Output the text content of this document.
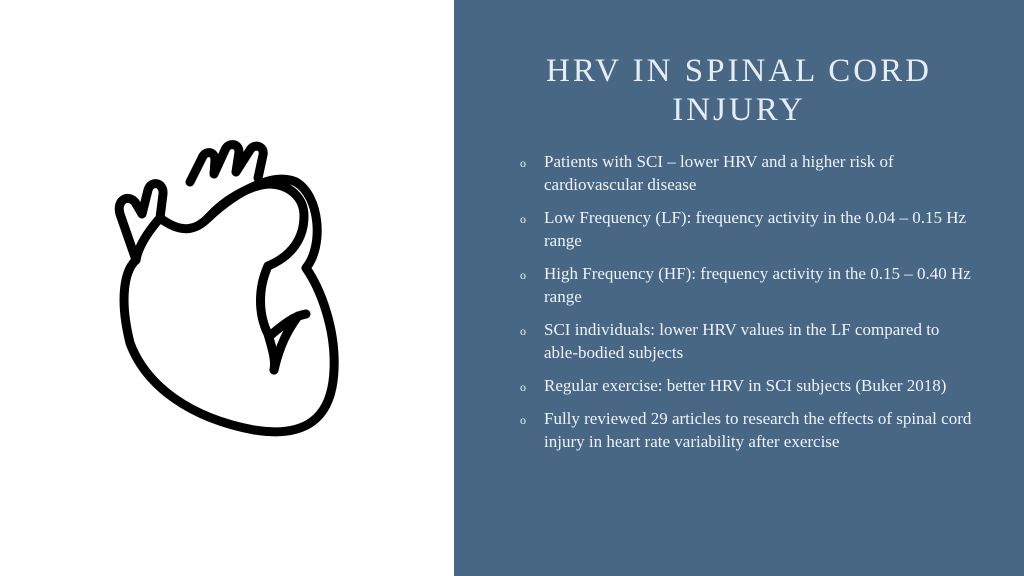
HRV IN SPINAL CORD INJURY
o Patients with SCI – lower HRV and a higher risk of cardiovascular disease
o Low Frequency (LF): frequency activity in the 0.04 – 0.15 Hz range
o High Frequency (HF): frequency activity in the 0.15 – 0.40 Hz range
o SCI individuals: lower HRV values in the LF compared to able-bodied subjects
o Regular exercise: better HRV in SCI subjects (Buker 2018)
o Fully reviewed 29 articles to research the effects of spinal cord injury in heart rate variability after exercise
